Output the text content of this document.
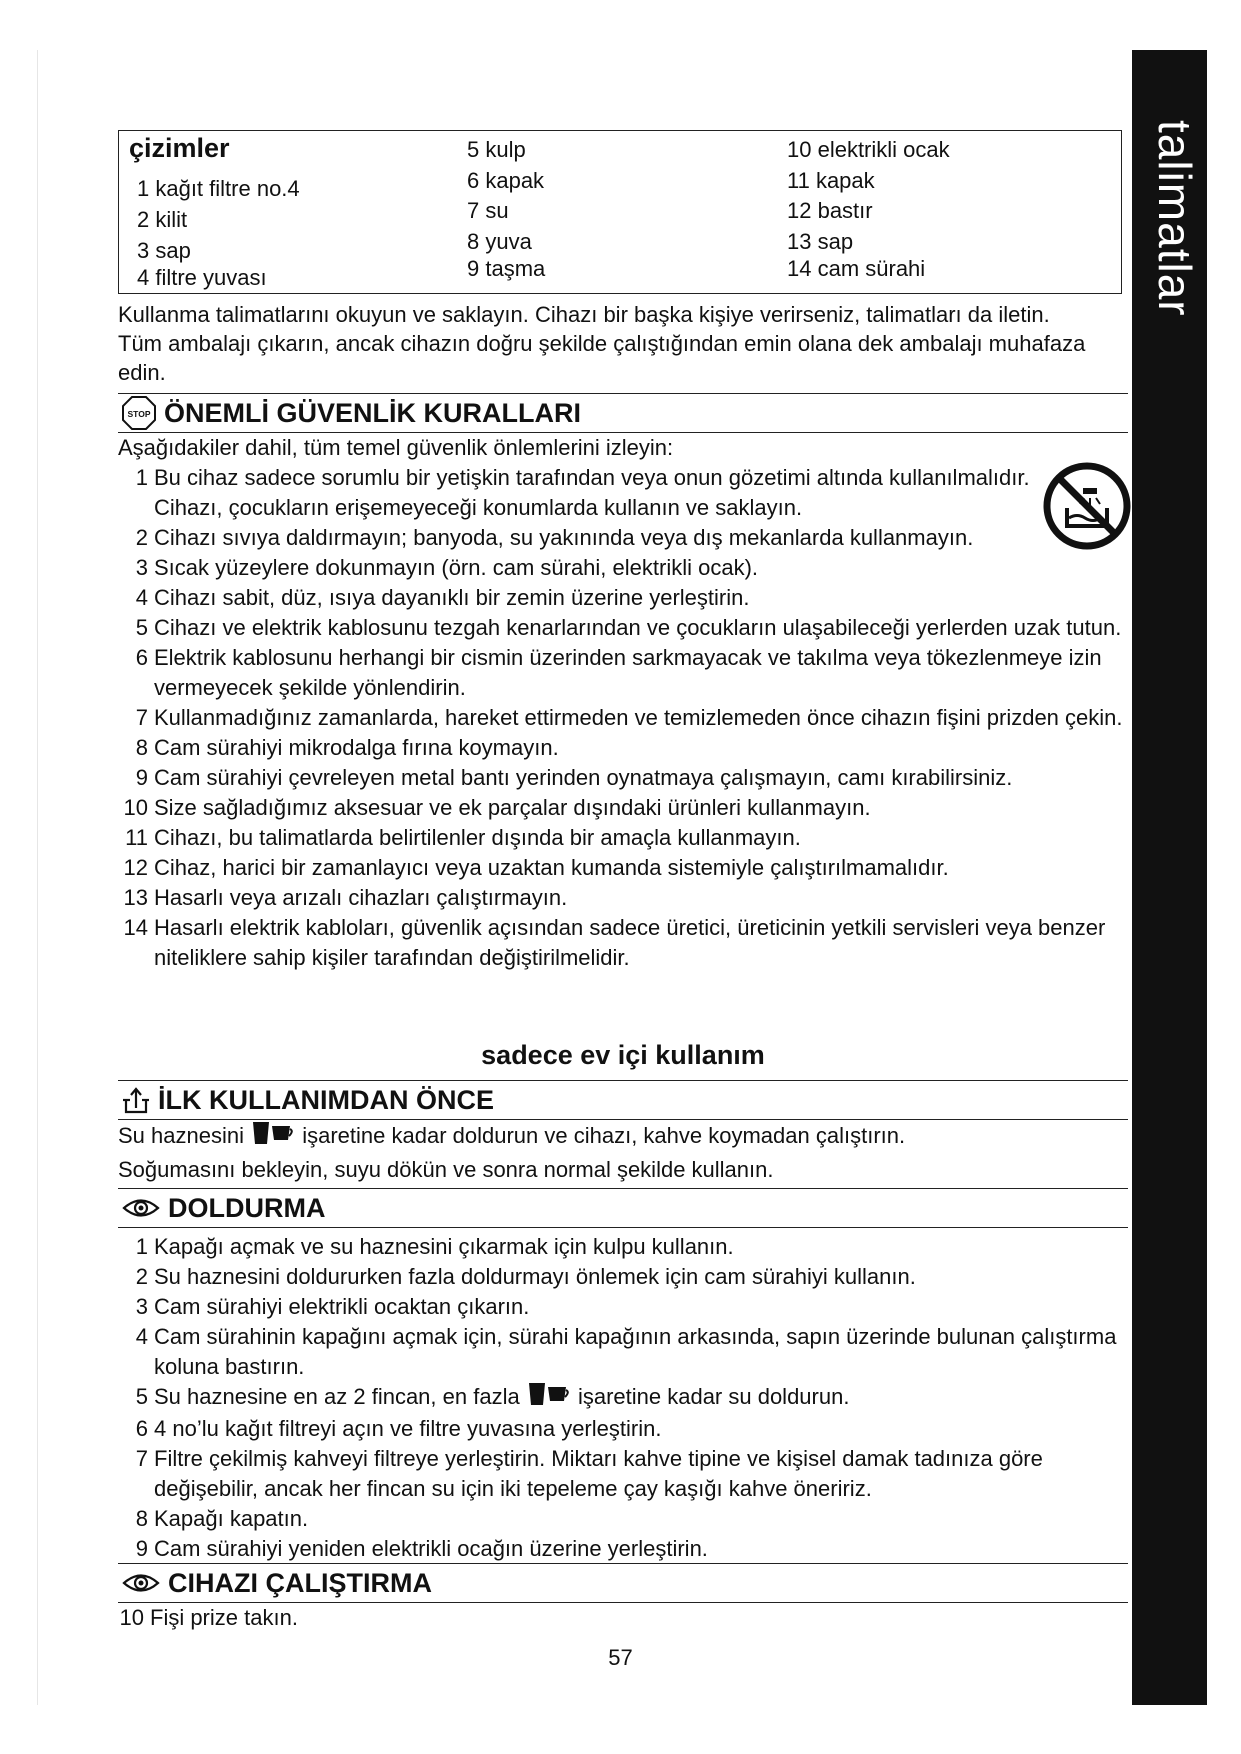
talimatlar
çizimler
1 kağıt filtre no.4
2 kilit
3 sap
4 filtre yuvası
5 kulp
6 kapak
7 su
8 yuva
9 taşma
10 elektrikli ocak
11 kapak
12 bastır
13 sap
14 cam sürahi

Kullanma talimatlarını okuyun ve saklayın. Cihazı bir başka kişiye verirseniz, talimatları da iletin.

Tüm ambalajı çıkarın, ancak cihazın doğru şekilde çalıştığından emin olana dek ambalajı muhafaza edin.

STOP ÖNEMLİ GÜVENLİK KURALLARI
Aşağıdakiler dahil, tüm temel güvenlik önlemlerini izleyin:
1 Bu cihaz sadece sorumlu bir yetişkin tarafından veya onun gözetimi altında kullanılmalıdır. Cihazı, çocukların erişemeyeceği konumlarda kullanın ve saklayın.
2 Cihazı sıvıya daldırmayın; banyoda, su yakınında veya dış mekanlarda kullanmayın.
3 Sıcak yüzeylere dokunmayın (örn. cam sürahi, elektrikli ocak).
4 Cihazı sabit, düz, ısıya dayanıklı bir zemin üzerine yerleştirin.
5 Cihazı ve elektrik kablosunu tezgah kenarlarından ve çocukların ulaşabileceği yerlerden uzak tutun.
6 Elektrik kablosunu herhangi bir cismin üzerinden sarkmayacak ve takılma veya tökezlenmeye izin vermeyecek şekilde yönlendirin.
7 Kullanmadığınız zamanlarda, hareket ettirmeden ve temizlemeden önce cihazın fişini prizden çekin.
8 Cam sürahiyi mikrodalga fırına koymayın.
9 Cam sürahiyi çevreleyen metal bantı yerinden oynatmaya çalışmayın, camı kırabilirsiniz.
10 Size sağladığımız aksesuar ve ek parçalar dışındaki ürünleri kullanmayın.
11 Cihazı, bu talimatlarda belirtilenler dışında bir amaçla kullanmayın.
12 Cihaz, harici bir zamanlayıcı veya uzaktan kumanda sistemiyle çalıştırılmamalıdır.
13 Hasarlı veya arızalı cihazları çalıştırmayın.
14 Hasarlı elektrik kabloları, güvenlik açısından sadece üretici, üreticinin yetkili servisleri veya benzer niteliklere sahip kişiler tarafından değiştirilmelidir.
sadece ev içi kullanım
İLK KULLANIMDAN ÖNCE

Su haznesini	işaretine kadar doldurun ve cihazı, kahve koymadan çalıştırın.

Soğumasını bekleyin, suyu dökün ve sonra normal şekilde kullanın.

DOLDURMA
1 Kapağı açmak ve su haznesini çıkarmak için kulpu kullanın.
2 Su haznesini doldururken fazla doldurmayı önlemek için cam sürahiyi kullanın.
3 Cam sürahiyi elektrikli ocaktan çıkarın.
4 Cam sürahinin kapağını açmak için, sürahi kapağının arkasında, sapın üzerinde bulunan çalıştırma koluna bastırın.
5 Su haznesine en az 2 fincan, en fazla	işaretine kadar su doldurun.
6 4 no’lu kağıt filtreyi açın ve filtre yuvasına yerleştirin.
7 Filtre çekilmiş kahveyi filtreye yerleştirin. Miktarı kahve tipine ve kişisel damak tadınıza göre değişebilir, ancak her fincan su için iki tepeleme çay kaşığı kahve öneririz.
8 Kapağı kapatın.
9 Cam sürahiyi yeniden elektrikli ocağın üzerine yerleştirin.
CIHAZI ÇALIŞTIRMA
10 Fişi prize takın.
57
